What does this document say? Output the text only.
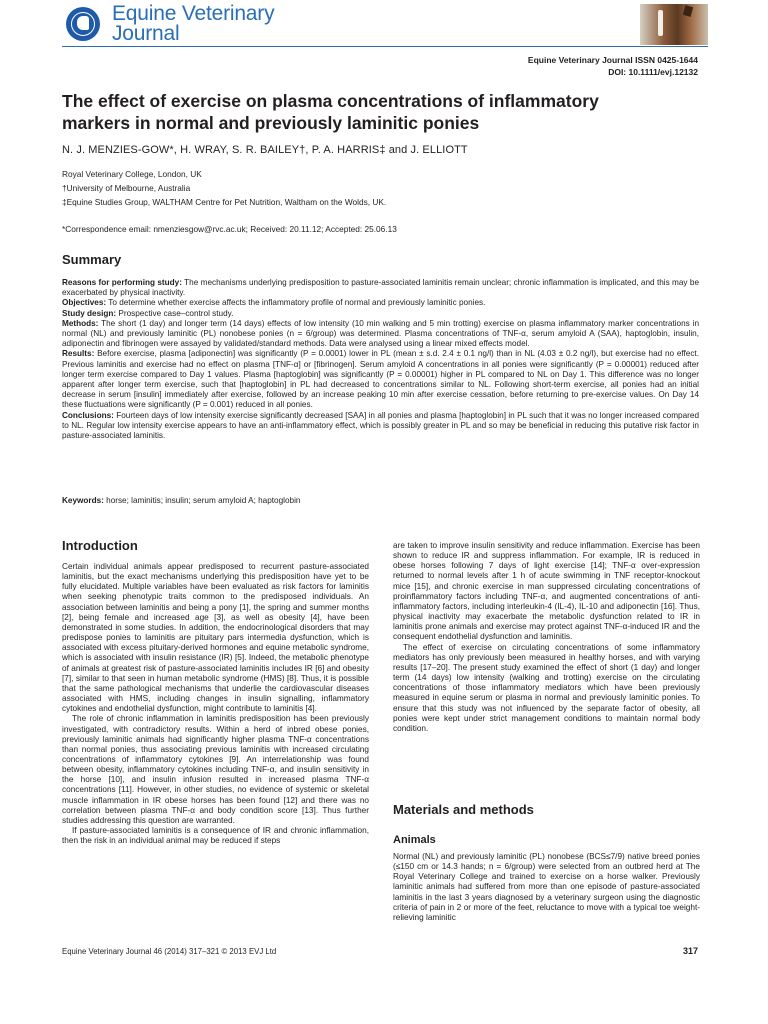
Equine Veterinary
Journal
Equine Veterinary Journal ISSN 0425-1644
DOI: 10.1111/evj.12132
The effect of exercise on plasma concentrations of inflammatory
markers in normal and previously laminitic ponies
N. J. MENZIES-GOW*, H. WRAY, S. R. BAILEY†, P. A. HARRIS‡ and J. ELLIOTT
Royal Veterinary College, London, UK
†University of Melbourne, Australia
‡Equine Studies Group, WALTHAM Centre for Pet Nutrition, Waltham on the Wolds, UK.
*Correspondence email: nmenziesgow@rvc.ac.uk; Received: 20.11.12; Accepted: 25.06.13
Summary

Reasons for performing study: The mechanisms underlying predisposition to pasture-associated laminitis remain unclear; chronic inflammation is implicated, and this may be exacerbated by physical inactivity.

Objectives: To determine whether exercise affects the inflammatory profile of normal and previously laminitic ponies.

Study design: Prospective case–control study.

Methods: The short (1 day) and longer term (14 days) effects of low intensity (10 min walking and 5 min trotting) exercise on plasma inflammatory marker concentrations in normal (NL) and previously laminitic (PL) nonobese ponies (n = 6/group) was determined. Plasma concentrations of TNF-α, serum amyloid A (SAA), haptoglobin, insulin, adiponectin and fibrinogen were assayed by validated/standard methods. Data were analysed using a linear mixed effects model.

Results: Before exercise, plasma [adiponectin] was significantly (P = 0.0001) lower in PL (mean ± s.d. 2.4 ± 0.1 ng/l) than in NL (4.03 ± 0.2 ng/l), but exercise had no effect. Previous laminitis and exercise had no effect on plasma [TNF-α] or [fibrinogen]. Serum amyloid A concentrations in all ponies were significantly (P = 0.00001) reduced after longer term exercise compared to Day 1 values. Plasma [haptoglobin] was significantly (P = 0.00001) higher in PL compared to NL on Day 1. This difference was no longer apparent after longer term exercise, such that [haptoglobin] in PL had decreased to concentrations similar to NL. Following short-term exercise, all ponies had an initial decrease in serum [insulin] immediately after exercise, followed by an increase peaking 10 min after exercise cessation, before returning to pre-exercise values. On Day 14 these fluctuations were significantly (P = 0.001) reduced in all ponies.

Conclusions: Fourteen days of low intensity exercise significantly decreased [SAA] in all ponies and plasma [haptoglobin] in PL such that it was no longer increased compared to NL. Regular low intensity exercise appears to have an anti-inflammatory effect, which is possibly greater in PL and so may be beneficial in reducing this putative risk factor in pasture-associated laminitis.

Keywords: horse; laminitis; insulin; serum amyloid A; haptoglobin
Introduction

Certain individual animals appear predisposed to recurrent pasture-associated laminitis, but the exact mechanisms underlying this predisposition have yet to be fully elucidated. Multiple variables have been evaluated as risk factors for laminitis when seeking phenotypic traits common to the predisposed individuals. An association between laminitis and being a pony [1], the spring and summer months [2], being female and increased age [3], as well as obesity [4], have been demonstrated in some studies. In addition, the endocrinological disorders that may predispose ponies to laminitis are pituitary pars intermedia dysfunction, which is associated with excess pituitary-derived hormones and equine metabolic syndrome, which is associated with insulin resistance (IR) [5]. Indeed, the metabolic phenotype of animals at greatest risk of pasture-associated laminitis includes IR [6] and obesity [7], similar to that seen in human metabolic syndrome (HMS) [8]. Thus, it is possible that the same pathological mechanisms that underlie the cardiovascular diseases associated with HMS, including changes in insulin signalling, inflammatory cytokines and endothelial dysfunction, might contribute to laminitis [4].

The role of chronic inflammation in laminitis predisposition has been previously investigated, with contradictory results. Within a herd of inbred obese ponies, previously laminitic animals had significantly higher plasma TNF-α concentrations than normal ponies, thus associating previous laminitis with increased circulating concentrations of inflammatory cytokines [9]. An interrelationship was found between obesity, inflammatory cytokines including TNF-α, and insulin sensitivity in the horse [10], and insulin infusion resulted in increased plasma TNF-α concentrations [11]. However, in other studies, no evidence of systemic or skeletal muscle inflammation in IR obese horses has been found [12] and there was no correlation between plasma TNF-α and body condition score [13]. Thus further studies addressing this question are warranted.

If pasture-associated laminitis is a consequence of IR and chronic inflammation, then the risk in an individual animal may be reduced if steps

are taken to improve insulin sensitivity and reduce inflammation. Exercise has been shown to reduce IR and suppress inflammation. For example, IR is reduced in obese horses following 7 days of light exercise [14]; TNF-α over-expression returned to normal levels after 1 h of acute swimming in TNF receptor-knockout mice [15], and chronic exercise in man suppressed circulating concentrations of proinflammatory factors including TNF-α, and augmented concentrations of anti-inflammatory factors, including interleukin-4 (IL-4), IL-10 and adiponectin [16]. Thus, physical inactivity may exacerbate the metabolic dysfunction related to IR in laminitis prone animals and exercise may protect against TNF-α-induced IR and the consequent endothelial dysfunction and laminitis.

The effect of exercise on circulating concentrations of some inflammatory mediators has only previously been measured in healthy horses, and with varying results [17–20]. The present study examined the effect of short (1 day) and longer term (14 days) low intensity (walking and trotting) exercise on the circulating concentrations of those inflammatory mediators which have been previously measured in equine serum or plasma in normal and previously laminitic ponies. To ensure that this study was not influenced by the separate factor of obesity, all ponies were kept under strict management conditions to maintain normal body condition.

Materials and methods
Animals

Normal (NL) and previously laminitic (PL) nonobese (BCS≤7/9) native breed ponies (≤150 cm or 14.3 hands; n = 6/group) were selected from an outbred herd at The Royal Veterinary College and trained to exercise on a horse walker. Previously laminitic animals had suffered from more than one episode of pasture-associated laminitis in the last 3 years diagnosed by a veterinary surgeon using the diagnostic criteria of pain in 2 or more of the feet, reluctance to move with a typical toe weight-relieving laminitic

Equine Veterinary Journal 46 (2014) 317–321 © 2013 EVJ Ltd	317
